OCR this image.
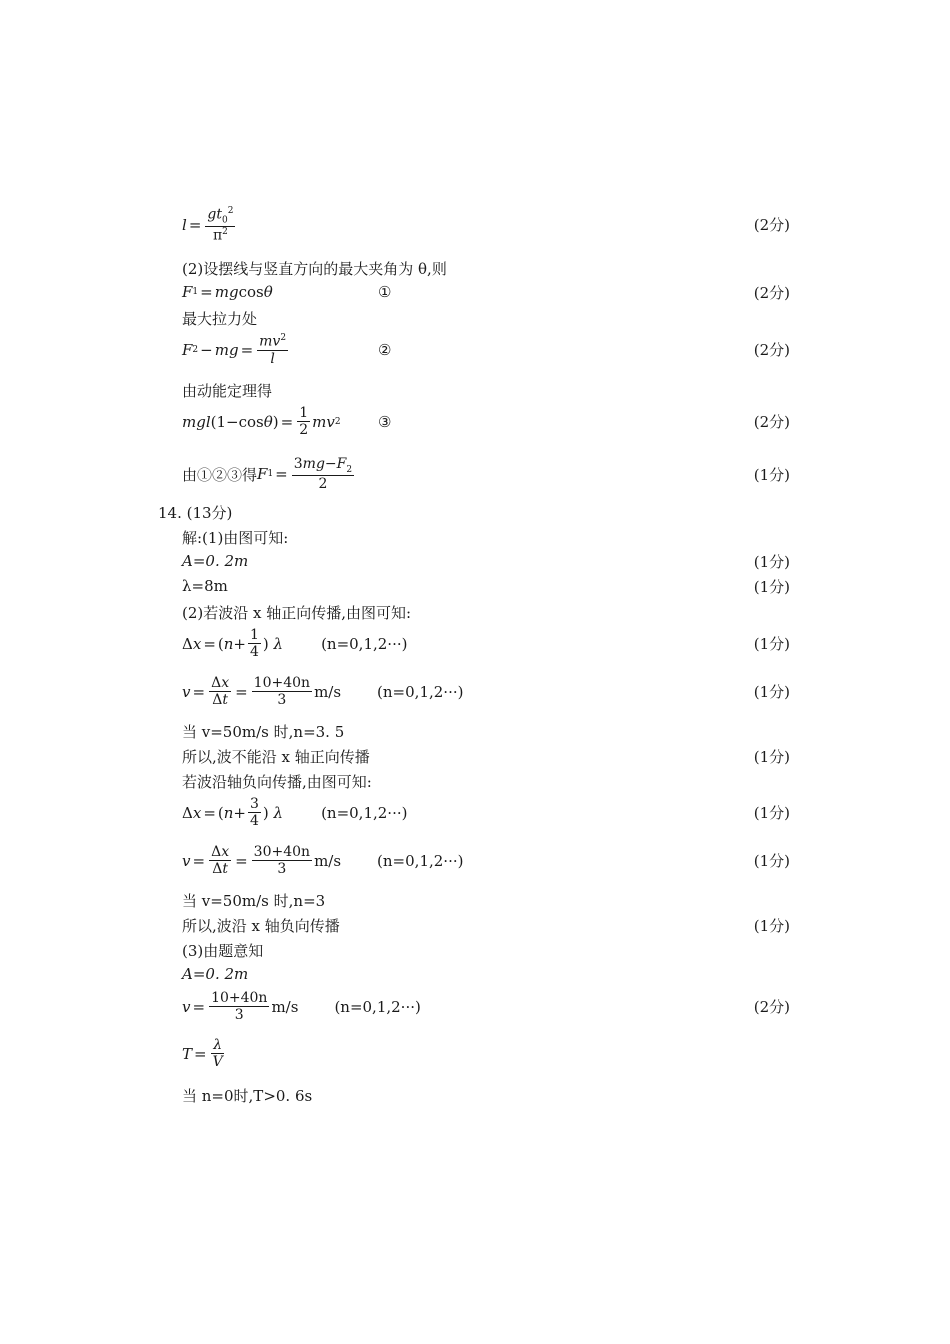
$l = \frac{gt_0^2}{\pi^2}$	(2分)
(2)设摆线与竖直方向的最大夹角为 θ,则
F 1 = mg cos θ	①	(2分)
最大拉力处
F 2 − mg = $\frac{mv^2}{l}$	②	(2分)
由动能定理得
mgl (1−cos θ ) = $\frac{1}{2}$ mv 2 ③	(2分)
由①②③得 F $1 = \frac{3mg-F_2}{2}$	(1分)
14. (13分)
解:(1)由图可知:
A=0. 2m	(1分)
λ=8m	(1分)
(2)若波沿 x 轴正向传播,由图可知:
Δ x = ( $n + \frac{1}{4}$ ) λ	(n=0,1,2···)	(1分)
$v = \frac{\Delta x}{\Delta t} = \frac{10+40n}{3} m/s$ (n=0,1,2···)	(1分)
当 v=50m/s 时,n=3. 5
所以,波不能沿 x 轴正向传播	(1分)
若波沿轴负向传播,由图可知:
Δ x = ( $n + \frac{3}{4}$ ) λ	(n=0,1,2···)	(1分)
$v = \frac{\Delta x}{\Delta t} = \frac{30+40n}{3} m/s$ (n=0,1,2···)	(1分)
当 v=50m/s 时,n=3
所以,波沿 x 轴负向传播	(1分)
(3)由题意知
A=0. 2m
$v = \frac{10+40n}{3} m/s$ (n=0,1,2···)	(2分)
$T = \frac{\lambda}{V}$
当 n=0时,T>0. 6s
